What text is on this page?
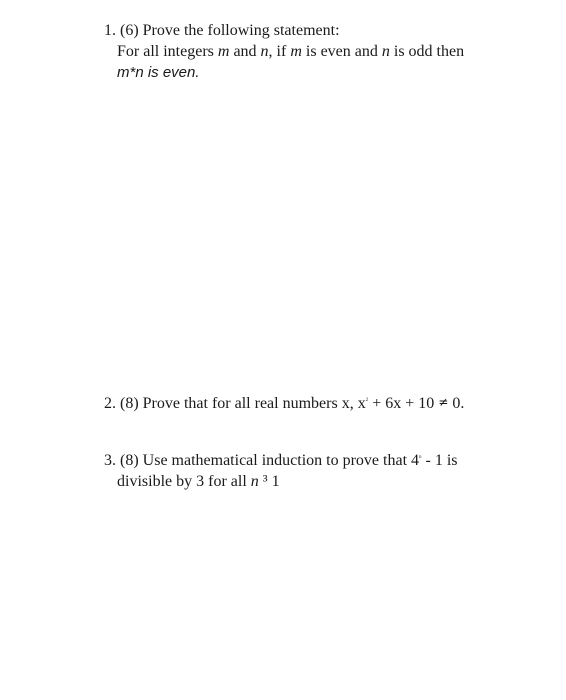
1. (6) Prove the following statement:
For all integers m and n, if m is even and n is odd then
m*n is even.
2. (8) Prove that for all real numbers x, $x^2 + 6x + 10 \ne 0$.
3. (8) Use mathematical induction to prove that 4$^n$ - 1 is
divisible by 3 for all n ³ 1
